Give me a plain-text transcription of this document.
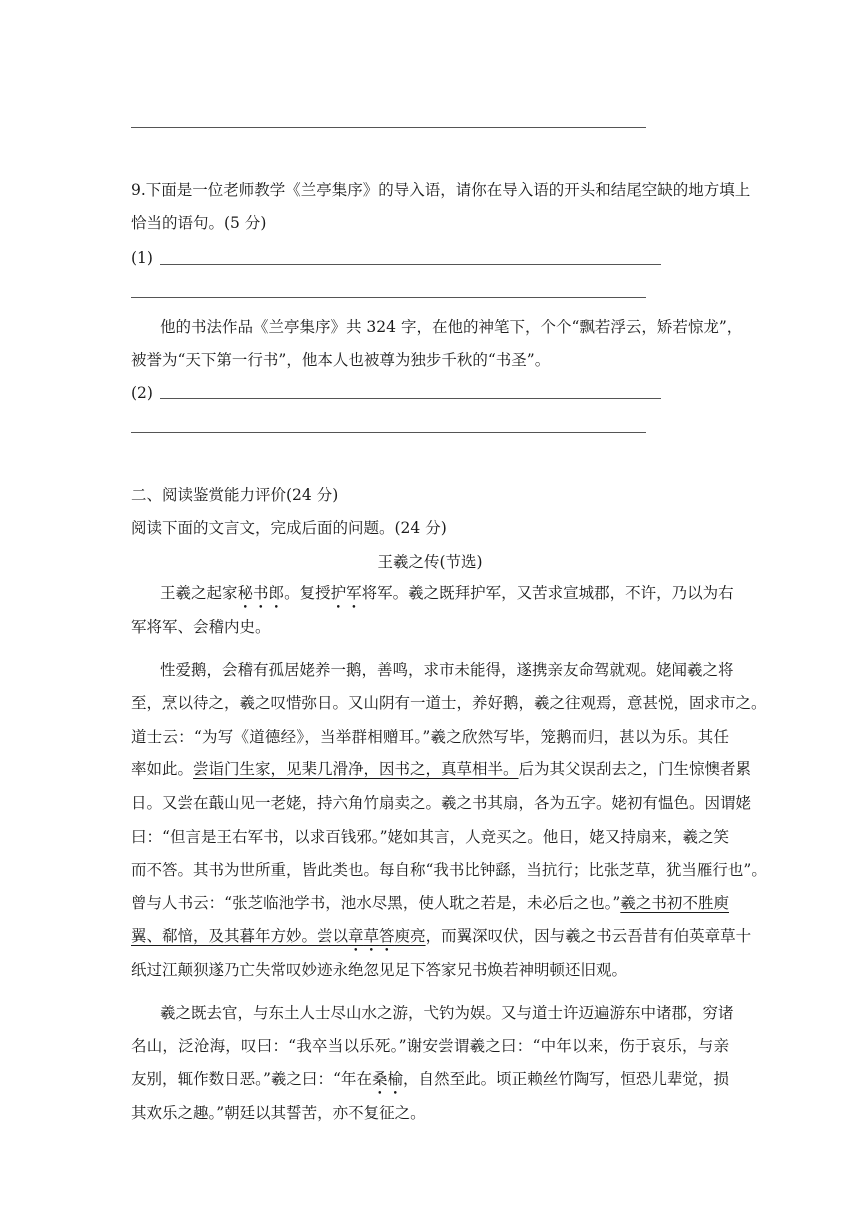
9.下面是一位老师教学《兰亭集序》的导入语，请你在导入语的开头和结尾空缺的地方填上
恰当的语句。(5 分)
(1)
他的书法作品《兰亭集序》共 324 字，在他的神笔下，个个“飘若浮云，矫若惊龙”，
被誉为“天下第一行书”，他本人也被尊为独步千秋的“书圣”。
(2)
二、阅读鉴赏能力评价(24 分)
阅读下面的文言文，完成后面的问题。(24 分)
王羲之传(节选)
王羲之起家秘书郎。复授护军将军。羲之既拜护军，又苦求宣城郡，不许，乃以为右
军将军、会稽内史。
性爱鹅，会稽有孤居姥养一鹅，善鸣，求市未能得，遂携亲友命驾就观。姥闻羲之将
至，烹以待之，羲之叹惜弥日。又山阴有一道士，养好鹅，羲之往观焉，意甚悦，固求市之。
道士云：“为写《道德经》，当举群相赠耳。”羲之欣然写毕，笼鹅而归，甚以为乐。其任
率如此。尝诣门生家，见棐几滑净，因书之，真草相半。后为其父误刮去之，门生惊懊者累
日。又尝在蕺山见一老姥，持六角竹扇卖之。羲之书其扇，各为五字。姥初有愠色。因谓姥
曰：“但言是王右军书，以求百钱邪。”姥如其言，人竞买之。他日，姥又持扇来，羲之笑
而不答。其书为世所重，皆此类也。每自称“我书比钟繇，当抗行；比张芝草，犹当雁行也”。
曾与人书云：“张芝临池学书，池水尽黑，使人耽之若是，未必后之也。”羲之书初不胜庾
翼、郗愔，及其暮年方妙。尝以章草答庾亮，而翼深叹伏，因与羲之书云吾昔有伯英章草十
纸过江颠狈遂乃亡失常叹妙迹永绝忽见足下答家兄书焕若神明顿还旧观。
羲之既去官，与东土人士尽山水之游，弋钓为娱。又与道士许迈遍游东中诸郡，穷诸
名山，泛沧海，叹曰：“我卒当以乐死。”谢安尝谓羲之曰：“中年以来，伤于哀乐，与亲
友别，辄作数日恶。”羲之曰：“年在桑榆，自然至此。顷正赖丝竹陶写，恒恐儿辈觉，损
其欢乐之趣。”朝廷以其誓苦，亦不复征之。
